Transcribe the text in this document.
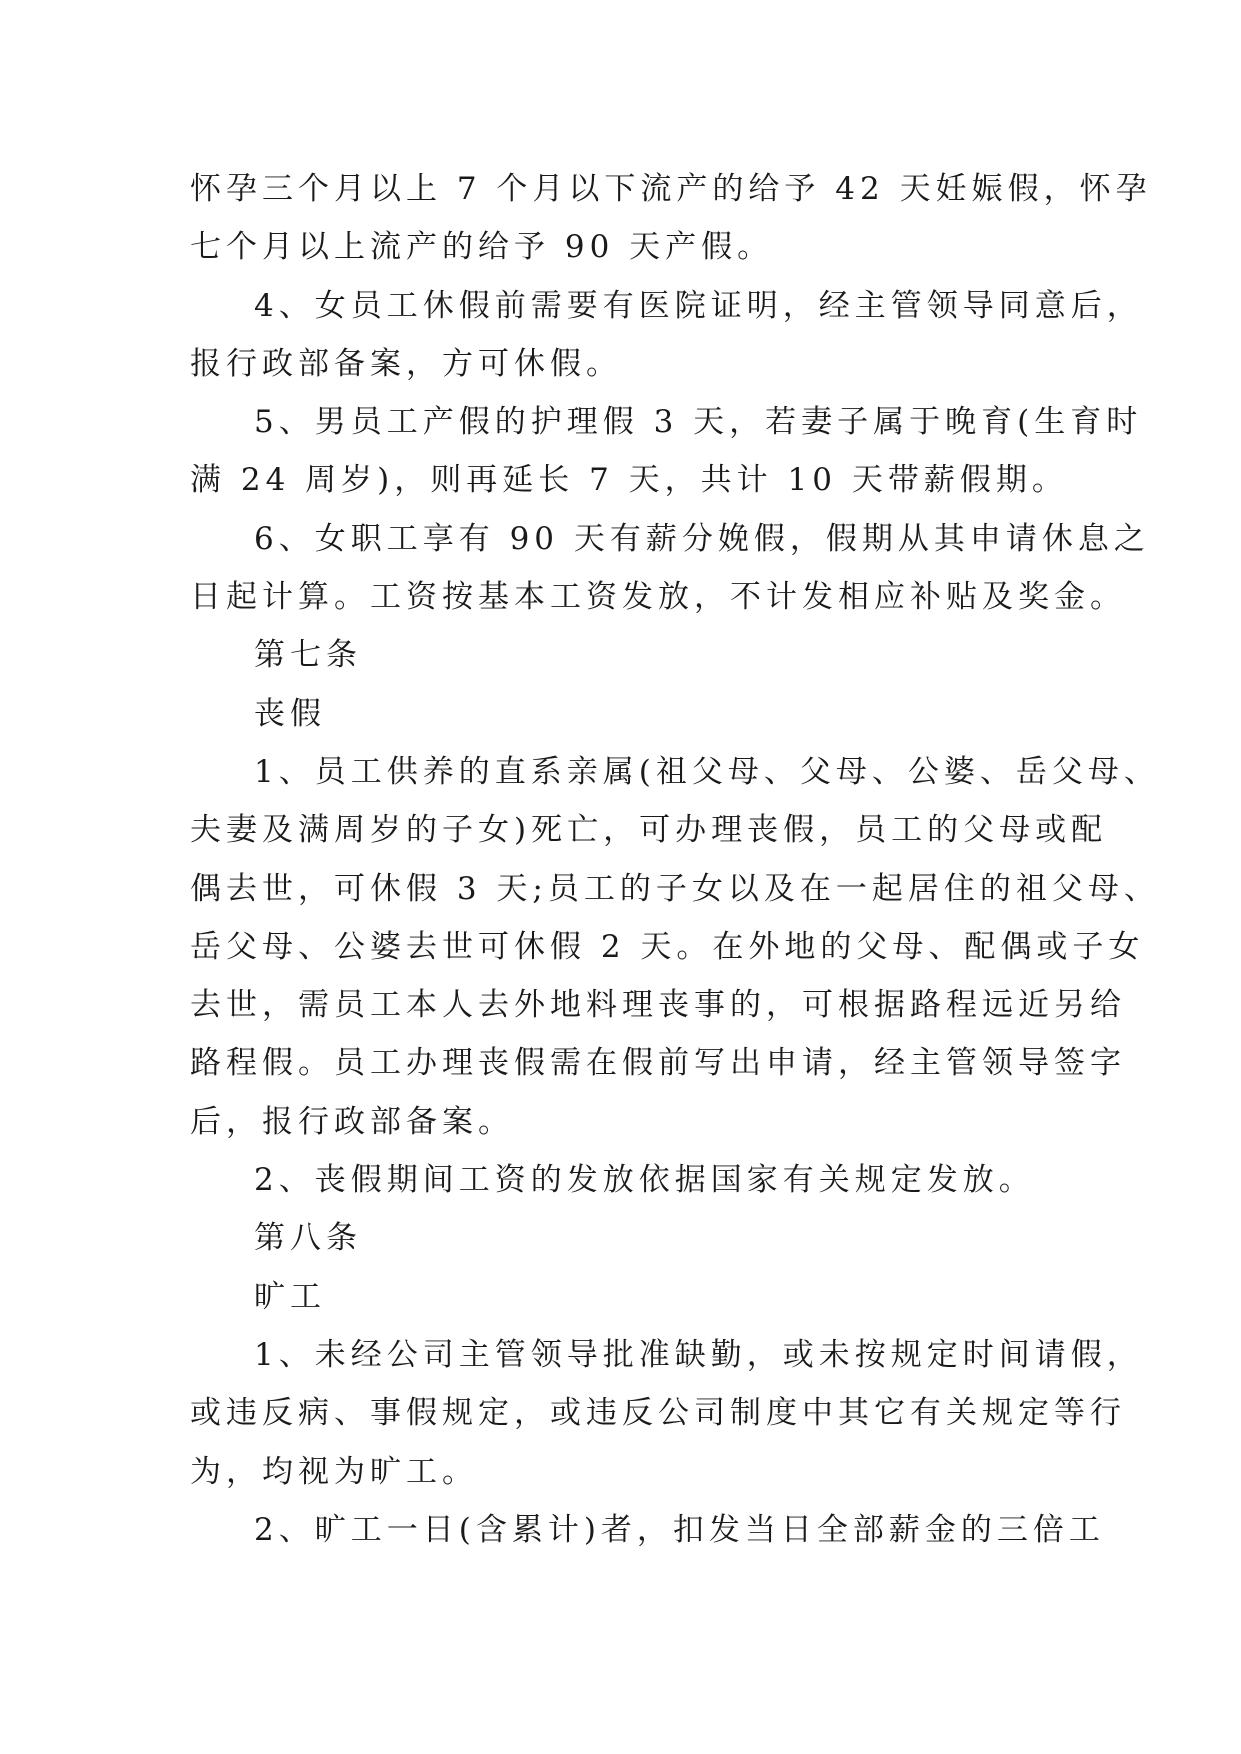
怀孕三个月以上 7 个月以下流产的给予 42 天妊娠假，怀孕
七个月以上流产的给予 90 天产假。
4、女员工休假前需要有医院证明，经主管领导同意后，
报行政部备案，方可休假。
5、男员工产假的护理假 3 天，若妻子属于晚育(生育时
满 24 周岁)，则再延长 7 天，共计 10 天带薪假期。
6、女职工享有 90 天有薪分娩假，假期从其申请休息之
日起计算。工资按基本工资发放，不计发相应补贴及奖金。
第七条
丧假
1、员工供养的直系亲属(祖父母、父母、公婆、岳父母、
夫妻及满周岁的子女)死亡，可办理丧假，员工的父母或配
偶去世，可休假 3 天;员工的子女以及在一起居住的祖父母、
岳父母、公婆去世可休假 2 天。在外地的父母、配偶或子女
去世，需员工本人去外地料理丧事的，可根据路程远近另给
路程假。员工办理丧假需在假前写出申请，经主管领导签字
后，报行政部备案。
2、丧假期间工资的发放依据国家有关规定发放。
第八条
旷工
1、未经公司主管领导批准缺勤，或未按规定时间请假，
或违反病、事假规定，或违反公司制度中其它有关规定等行
为，均视为旷工。
2、旷工一日(含累计)者，扣发当日全部薪金的三倍工
